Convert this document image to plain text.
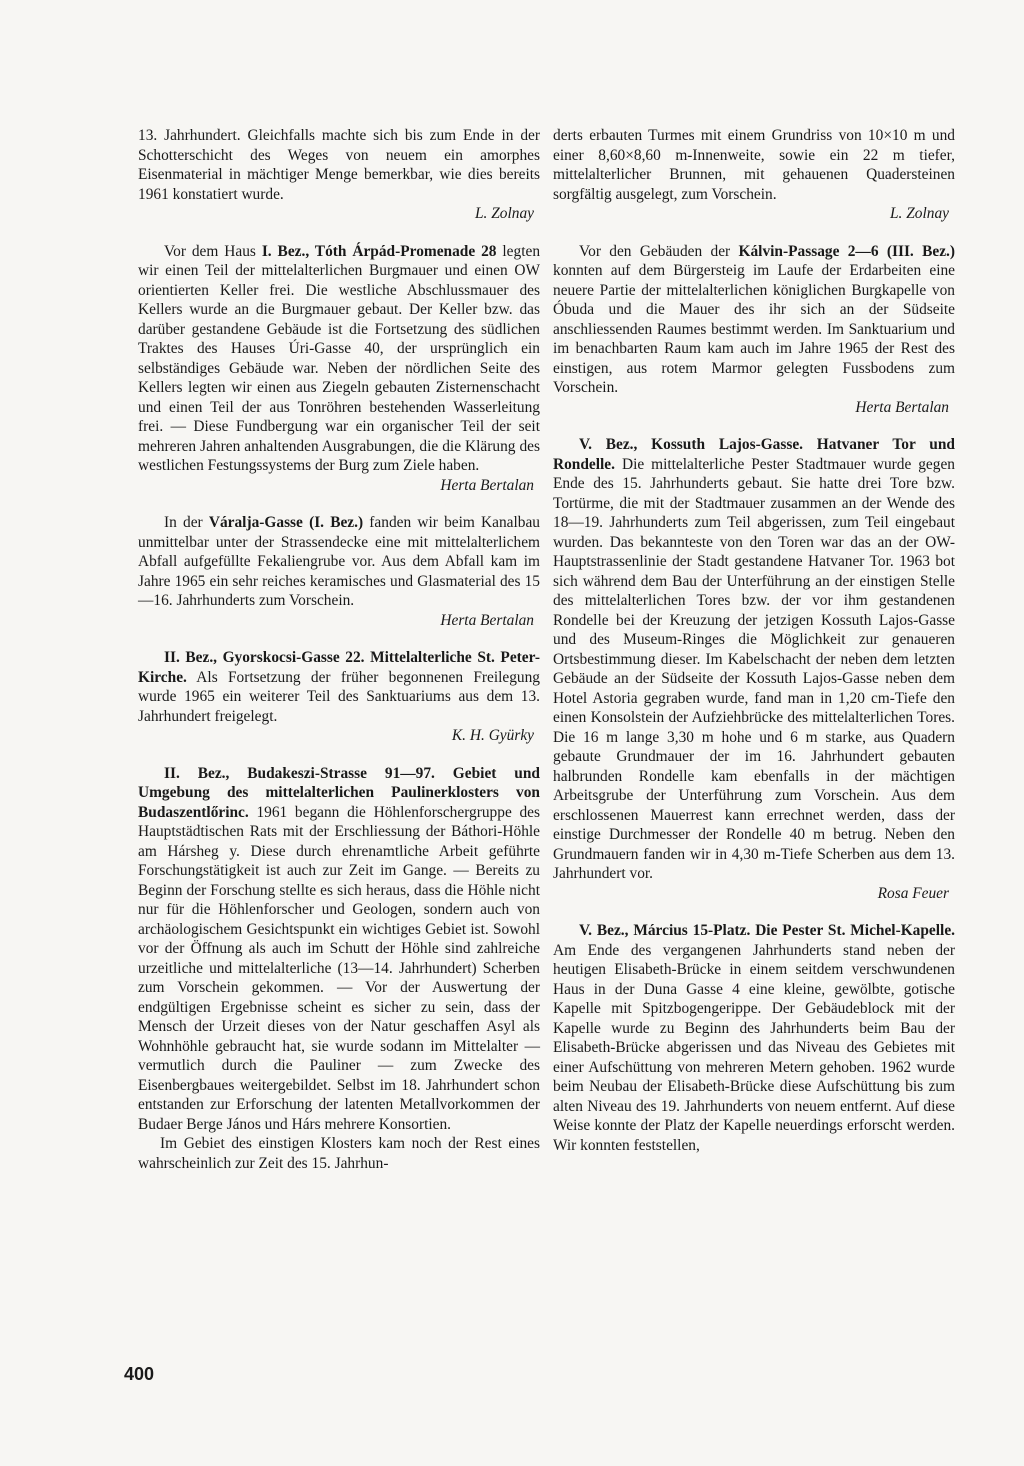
13. Jahrhundert. Gleichfalls machte sich bis zum Ende in der Schotterschicht des Weges von neuem ein amorphes Eisenmaterial in mächtiger Menge bemerkbar, wie dies bereits 1961 konstatiert wurde.

L. Zolnay

Vor dem Haus I. Bez., Tóth Árpád-Promenade 28 legten wir einen Teil der mittelalterlichen Burgmauer und einen OW orientierten Keller frei. Die westliche Abschlussmauer des Kellers wurde an die Burgmauer gebaut. Der Keller bzw. das darüber gestandene Gebäude ist die Fortsetzung des südlichen Traktes des Hauses Úri-Gasse 40, der ursprünglich ein selbständiges Gebäude war. Neben der nördlichen Seite des Kellers legten wir einen aus Ziegeln gebauten Zisternenschacht und einen Teil der aus Tonröhren bestehenden Wasserleitung frei. — Diese Fundbergung war ein organischer Teil der seit mehreren Jahren anhaltenden Ausgrabungen, die die Klärung des westlichen Festungssystems der Burg zum Ziele haben.

Herta Bertalan

In der Váralja-Gasse (I. Bez.) fanden wir beim Kanalbau unmittelbar unter der Strassendecke eine mit mittelalterlichem Abfall aufgefüllte Fekaliengrube vor. Aus dem Abfall kam im Jahre 1965 ein sehr reiches keramisches und Glasmaterial des 15—16. Jahrhunderts zum Vorschein.

Herta Bertalan

II. Bez., Gyorskocsi-Gasse 22. Mittelalterliche St. Peter-Kirche. Als Fortsetzung der früher begonnenen Freilegung wurde 1965 ein weiterer Teil des Sanktuariums aus dem 13. Jahrhundert freigelegt.

K. H. Gyürky

II. Bez., Budakeszi-Strasse 91—97. Gebiet und Umgebung des mittelalterlichen Paulinerklosters von Budaszentlőrinc. 1961 begann die Höhlenforschergruppe des Hauptstädtischen Rats mit der Erschliessung der Báthori-Höhle am Hársheg y. Diese durch ehrenamtliche Arbeit geführte Forschungstätigkeit ist auch zur Zeit im Gange. — Bereits zu Beginn der Forschung stellte es sich heraus, dass die Höhle nicht nur für die Höhlenforscher und Geologen, sondern auch von archäologischem Gesichtspunkt ein wichtiges Gebiet ist. Sowohl vor der Öffnung als auch im Schutt der Höhle sind zahlreiche urzeitliche und mittelalterliche (13—14. Jahrhundert) Scherben zum Vorschein gekommen. — Vor der Auswertung der endgültigen Ergebnisse scheint es sicher zu sein, dass der Mensch der Urzeit dieses von der Natur geschaffen Asyl als Wohnhöhle gebraucht hat, sie wurde sodann im Mittelalter — vermutlich durch die Pauliner — zum Zwecke des Eisenbergbaues weitergebildet. Selbst im 18. Jahrhundert schon entstanden zur Erforschung der latenten Metallvorkommen der Budaer Berge János und Hárs mehrere Konsortien.

Im Gebiet des einstigen Klosters kam noch der Rest eines wahrscheinlich zur Zeit des 15. Jahrhun-

derts erbauten Turmes mit einem Grundriss von 10×10 m und einer 8,60×8,60 m-Innenweite, sowie ein 22 m tiefer, mittelalterlicher Brunnen, mit gehauenen Quadersteinen sorgfältig ausgelegt, zum Vorschein.

L. Zolnay

Vor den Gebäuden der Kálvin-Passage 2—6 (III. Bez.) konnten auf dem Bürgersteig im Laufe der Erdarbeiten eine neuere Partie der mittelalterlichen königlichen Burgkapelle von Óbuda und die Mauer des ihr sich an der Südseite anschliessenden Raumes bestimmt werden. Im Sanktuarium und im benachbarten Raum kam auch im Jahre 1965 der Rest des einstigen, aus rotem Marmor gelegten Fussbodens zum Vorschein.

Herta Bertalan

V. Bez., Kossuth Lajos-Gasse. Hatvaner Tor und Rondelle. Die mittelalterliche Pester Stadtmauer wurde gegen Ende des 15. Jahrhunderts gebaut. Sie hatte drei Tore bzw. Tortürme, die mit der Stadtmauer zusammen an der Wende des 18—19. Jahrhunderts zum Teil abgerissen, zum Teil eingebaut wurden. Das bekannteste von den Toren war das an der OW-Hauptstrassenlinie der Stadt gestandene Hatvaner Tor. 1963 bot sich während dem Bau der Unterführung an der einstigen Stelle des mittelalterlichen Tores bzw. der vor ihm gestandenen Rondelle bei der Kreuzung der jetzigen Kossuth Lajos-Gasse und des Museum-Ringes die Möglichkeit zur genaueren Ortsbestimmung dieser. Im Kabelschacht der neben dem letzten Gebäude an der Südseite der Kossuth Lajos-Gasse neben dem Hotel Astoria gegraben wurde, fand man in 1,20 cm-Tiefe den einen Konsolstein der Aufziehbrücke des mittelalterlichen Tores. Die 16 m lange 3,30 m hohe und 6 m starke, aus Quadern gebaute Grundmauer der im 16. Jahrhundert gebauten halbrunden Rondelle kam ebenfalls in der mächtigen Arbeitsgrube der Unterführung zum Vorschein. Aus dem erschlossenen Mauerrest kann errechnet werden, dass der einstige Durchmesser der Rondelle 40 m betrug. Neben den Grundmauern fanden wir in 4,30 m-Tiefe Scherben aus dem 13. Jahrhundert vor.

Rosa Feuer

V. Bez., Március 15-Platz. Die Pester St. Michel-Kapelle. Am Ende des vergangenen Jahrhunderts stand neben der heutigen Elisabeth-Brücke in einem seitdem verschwundenen Haus in der Duna Gasse 4 eine kleine, gewölbte, gotische Kapelle mit Spitzbogengerippe. Der Gebäudeblock mit der Kapelle wurde zu Beginn des Jahrhunderts beim Bau der Elisabeth-Brücke abgerissen und das Niveau des Gebietes mit einer Aufschüttung von mehreren Metern gehoben. 1962 wurde beim Neubau der Elisabeth-Brücke diese Aufschüttung bis zum alten Niveau des 19. Jahrhunderts von neuem entfernt. Auf diese Weise konnte der Platz der Kapelle neuerdings erforscht werden. Wir konnten feststellen,

400
